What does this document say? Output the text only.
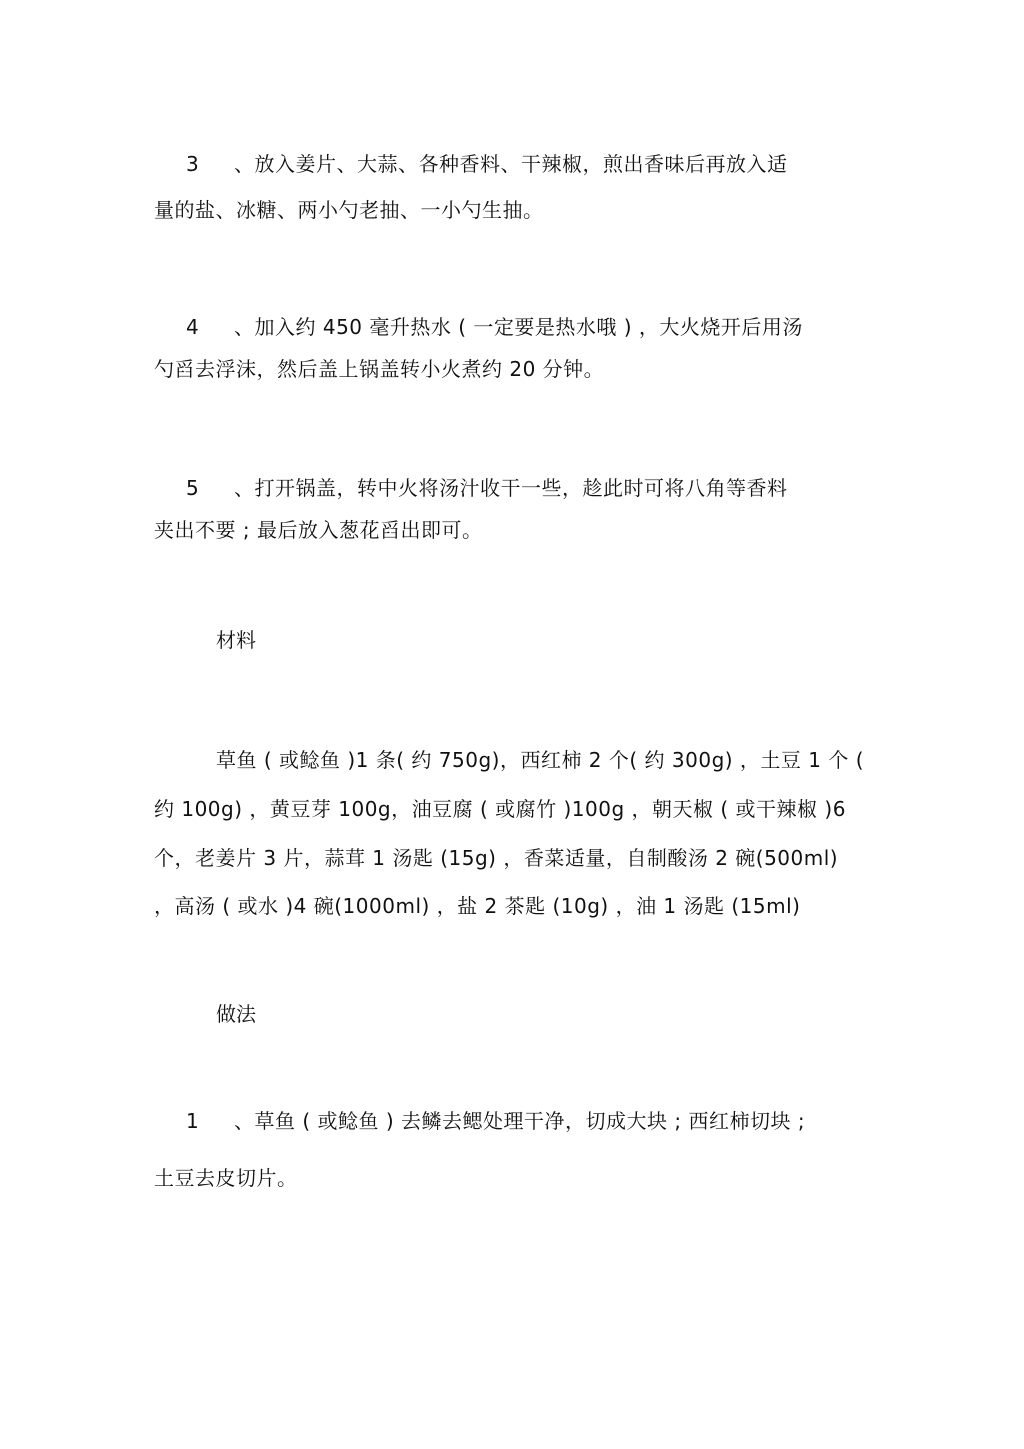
3 、放入姜片、大蒜、各种香料、干辣椒，煎出香味后再放入适
量的盐、冰糖、两小勺老抽、一小勺生抽。
4 、加入约 450 毫升热水 ( 一定要是热水哦 ) ，大火烧开后用汤
勺舀去浮沫，然后盖上锅盖转小火煮约 20 分钟。
5 、打开锅盖，转中火将汤汁收干一些，趁此时可将八角等香料
夹出不要 ; 最后放入葱花舀出即可。
材料
草鱼 ( 或鲶鱼 )1 条( 约 750g)，西红柿 2 个( 约 300g) ，土豆 1 个 (
约 100g) ，黄豆芽 100g，油豆腐 ( 或腐竹 )100g ，朝天椒 ( 或干辣椒 )6
个，老姜片 3 片，蒜茸 1 汤匙 (15g) ，香菜适量，自制酸汤 2 碗(500ml)
，高汤 ( 或水 )4 碗(1000ml) ，盐 2 茶匙 (10g) ，油 1 汤匙 (15ml)
做法
1 、草鱼 ( 或鲶鱼 ) 去鳞去鳃处理干净，切成大块 ; 西红柿切块 ;
土豆去皮切片。
